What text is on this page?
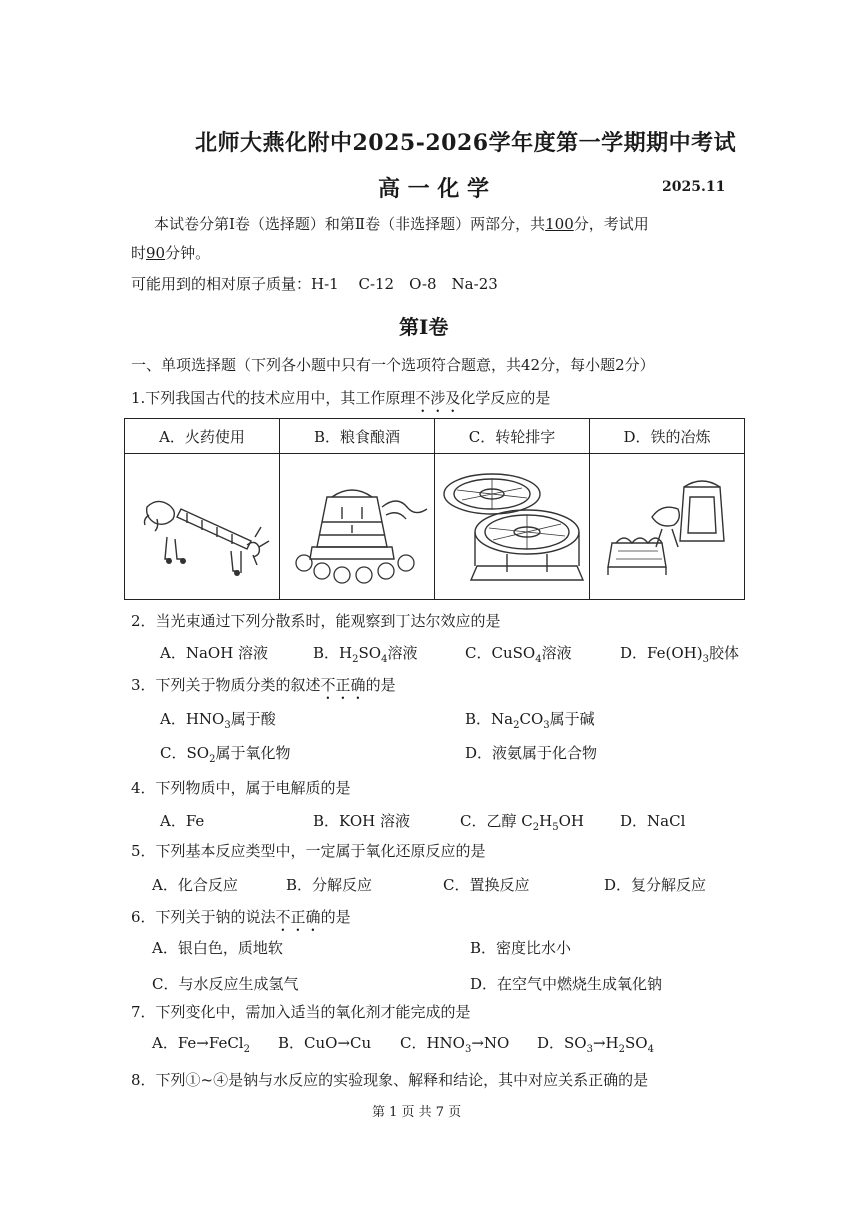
北师大燕化附中2025-2026学年度第一学期期中考试
高 一 化 学	2025.11
本试卷分第Ⅰ卷（选择题）和第Ⅱ卷（非选择题）两部分，共100分，考试用
时90分钟。
可能用到的相对原子质量：H-1　 C-12　O-8　Na-23
第Ⅰ卷
一、单项选择题（下列各小题中只有一个选项符合题意，共42分，每小题2分）
1.下列我国古代的技术应用中，其工作原理不涉及化学反应的是
A．火药使用	B．粮食酿酒	C．转轮排字	D．铁的冶炼

2．当光束通过下列分散系时，能观察到丁达尔效应的是
A．NaOH 溶液	B．$H_2SO_4$溶液	C．CuSO$_4$溶液	D．$Fe(OH)_3$胶体
3．下列关于物质分类的叙述不正确的是
A．$HNO_3$属于酸	B．$Na_2CO_3$属于碱
C．$SO_2$属于氧化物	D．液氨属于化合物
4．下列物质中，属于电解质的是
A．Fe	B．KOH 溶液	C．乙醇 $C_2H_5OH$ D．NaCl
5．下列基本反应类型中，一定属于氧化还原反应的是
A．化合反应	B．分解反应	C．置换反应	D．复分解反应
6．下列关于钠的说法不正确的是
A．银白色，质地软	B．密度比水小
C．与水反应生成氢气	D．在空气中燃烧生成氧化钠
7．下列变化中，需加入适当的氧化剂才能完成的是
A．Fe→FeCl$_2$ B．CuO→Cu C．$HNO_3\to NO$ D．$SO_3\to H_2SO_4$
8．下列①~④是钠与水反应的实验现象、解释和结论，其中对应关系正确的是
第 1 页 共 7 页
